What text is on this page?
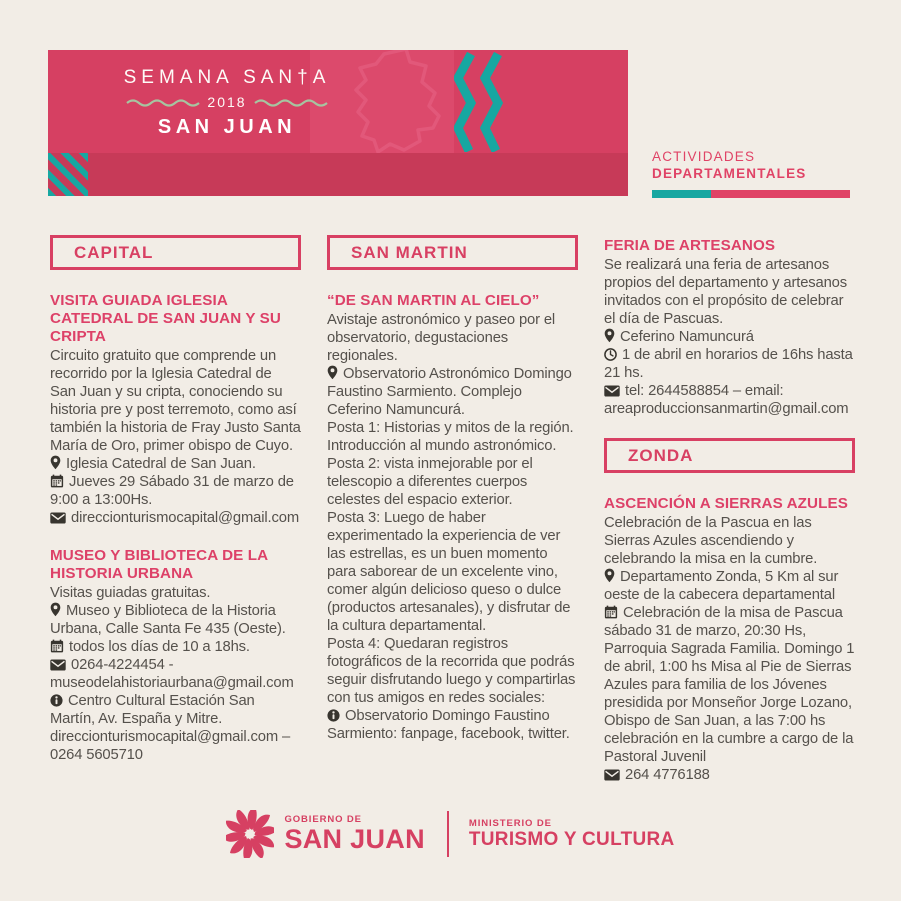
SEMANA SAN†A
2018
SAN JUAN
ACTIVIDADES
DEPARTAMENTALES
CAPITAL
VISITA GUIADA IGLESIA CATEDRAL DE SAN JUAN Y SU CRIPTA

Circuito gratuito que comprende un recorrido por la Iglesia Catedral de San Juan y su cripta, conociendo su historia pre y post terremoto, como así también la historia de Fray Justo Santa María de Oro, primer obispo de Cuyo.

Iglesia Catedral de San Juan.

Jueves 29 Sábado 31 de marzo de 9:00 a 13:00Hs.

direccionturismocapital@gmail.com

MUSEO Y BIBLIOTECA DE LA HISTORIA URBANA

Visitas guiadas gratuitas.

Museo y Biblioteca de la Historia Urbana, Calle Santa Fe 435 (Oeste).

todos los días de 10 a 18hs.

0264-4224454 - museodelahistoriaurbana@gmail.com

Centro Cultural Estación San Martín, Av. España y Mitre. direccionturismocapital@gmail.com – 0264 5605710

SAN MARTIN
“DE SAN MARTIN AL CIELO”

Avistaje astronómico y paseo por el observatorio, degustaciones regionales.

Observatorio Astronómico Domingo Faustino Sarmiento. Complejo Ceferino Namuncurá.

Posta 1: Historias y mitos de la región. Introducción al mundo astronómico.

Posta 2: vista inmejorable por el telescopio a diferentes cuerpos celestes del espacio exterior.

Posta 3: Luego de haber experimentado la experiencia de ver las estrellas, es un buen momento para saborear de un excelente vino, comer algún delicioso queso o dulce (productos artesanales), y disfrutar de la cultura departamental.

Posta 4: Quedaran registros fotográficos de la recorrida que podrás seguir disfrutando luego y compartirlas con tus amigos en redes sociales:

Observatorio Domingo Faustino Sarmiento: fanpage, facebook, twitter.

FERIA DE ARTESANOS

Se realizará una feria de artesanos propios del departamento y artesanos invitados con el propósito de celebrar el día de Pascuas.

Ceferino Namuncurá

1 de abril en horarios de 16hs hasta 21 hs.

tel: 2644588854 – email: areaproduccionsanmartin@gmail.com

ZONDA
ASCENCIÓN A SIERRAS AZULES

Celebración de la Pascua en las Sierras Azules ascendiendo y celebrando la misa en la cumbre.

Departamento Zonda, 5 Km al sur oeste de la cabecera departamental

Celebración de la misa de Pascua sábado 31 de marzo, 20:30 Hs, Parroquia Sagrada Familia. Domingo 1 de abril, 1:00 hs Misa al Pie de Sierras Azules para familia de los Jóvenes presidida por Monseñor Jorge Lozano, Obispo de San Juan, a las 7:00 hs celebración en la cumbre a cargo de la Pastoral Juvenil

264 4776188

GOBIERNO DE
SAN JUAN
MINISTERIO DE
TURISMO Y CULTURA
